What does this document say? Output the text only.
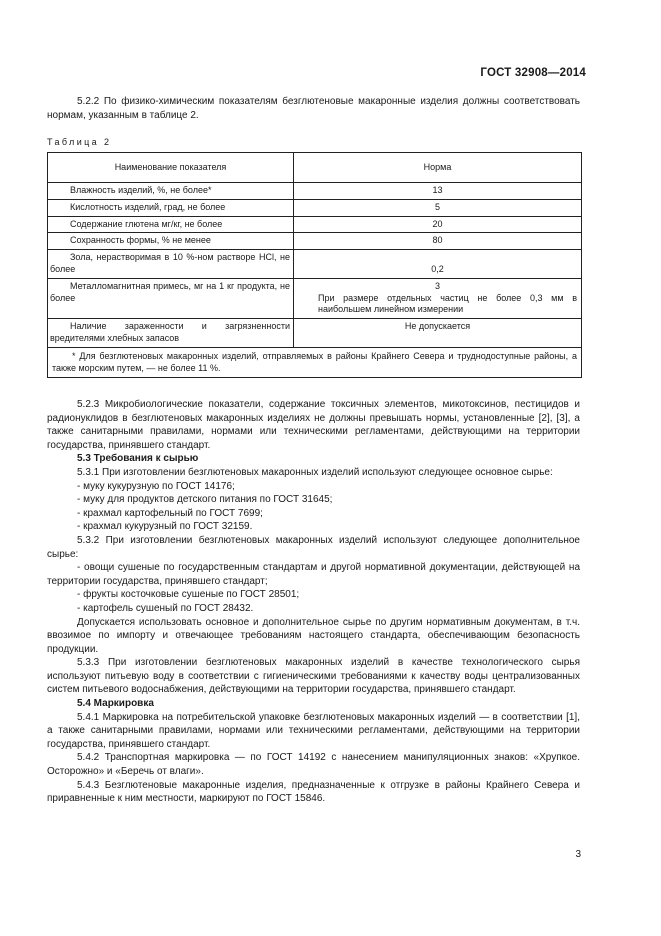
ГОСТ 32908—2014

5.2.2 По физико-химическим показателям безглютеновые макаронные изделия должны соответствовать нормам, указанным в таблице 2.

Таблица 2
Наименование показателя	Норма
Влажность изделий, %, не более*	13
Кислотность изделий, град, не более	5
Содержание глютена мг/кг, не более	20
Сохранность формы, % не менее	80
Зола, нерастворимая в 10 %-ном растворе HCl, не более	0,2
Металломагнитная примесь, мг на 1 кг продукта, не более	3
При размере отдельных частиц не более 0,3 мм в наибольшем линейном измерении

Наличие зараженности и загрязненности вредителями хлебных запасов	Не допускается
* Для безглютеновых макаронных изделий, отправляемых в районы Крайнего Севера и труднодоступные районы, а также морским путем, — не более 11 %.	

5.2.3 Микробиологические показатели, содержание токсичных элементов, микотоксинов, пестицидов и радионуклидов в безглютеновых макаронных изделиях не должны превышать нормы, установленные [2], [3], а также санитарными правилами, нормами или техническими регламентами, действующими на территории государства, принявшего стандарт.

5.3 Требования к сырью

5.3.1 При изготовлении безглютеновых макаронных изделий используют следующее основное сырье:

- муку кукурузную по ГОСТ 14176;

- муку для продуктов детского питания по ГОСТ 31645;

- крахмал картофельный по ГОСТ 7699;

- крахмал кукурузный по ГОСТ 32159.

5.3.2 При изготовлении безглютеновых макаронных изделий используют следующее дополнительное сырье:

- овощи сушеные по государственным стандартам и другой нормативной документации, действующей на территории государства, принявшего стандарт;

- фрукты косточковые сушеные по ГОСТ 28501;

- картофель сушеный по ГОСТ 28432.

Допускается использовать основное и дополнительное сырье по другим нормативным документам, в т.ч. ввозимое по импорту и отвечающее требованиям настоящего стандарта, обеспечивающим безопасность продукции.

5.3.3 При изготовлении безглютеновых макаронных изделий в качестве технологического сырья используют питьевую воду в соответствии с гигиеническими требованиями к качеству воды централизованных систем питьевого водоснабжения, действующими на территории государства, принявшего стандарт.

5.4 Маркировка

5.4.1 Маркировка на потребительской упаковке безглютеновых макаронных изделий — в соответствии [1], а также санитарными правилами, нормами или техническими регламентами, действующими на территории государства, принявшего стандарт.

5.4.2 Транспортная маркировка — по ГОСТ 14192 с нанесением манипуляционных знаков: «Хрупкое. Осторожно» и «Беречь от влаги».

5.4.3 Безглютеновые макаронные изделия, предназначенные к отгрузке в районы Крайнего Севера и приравненные к ним местности, маркируют по ГОСТ 15846.

3
